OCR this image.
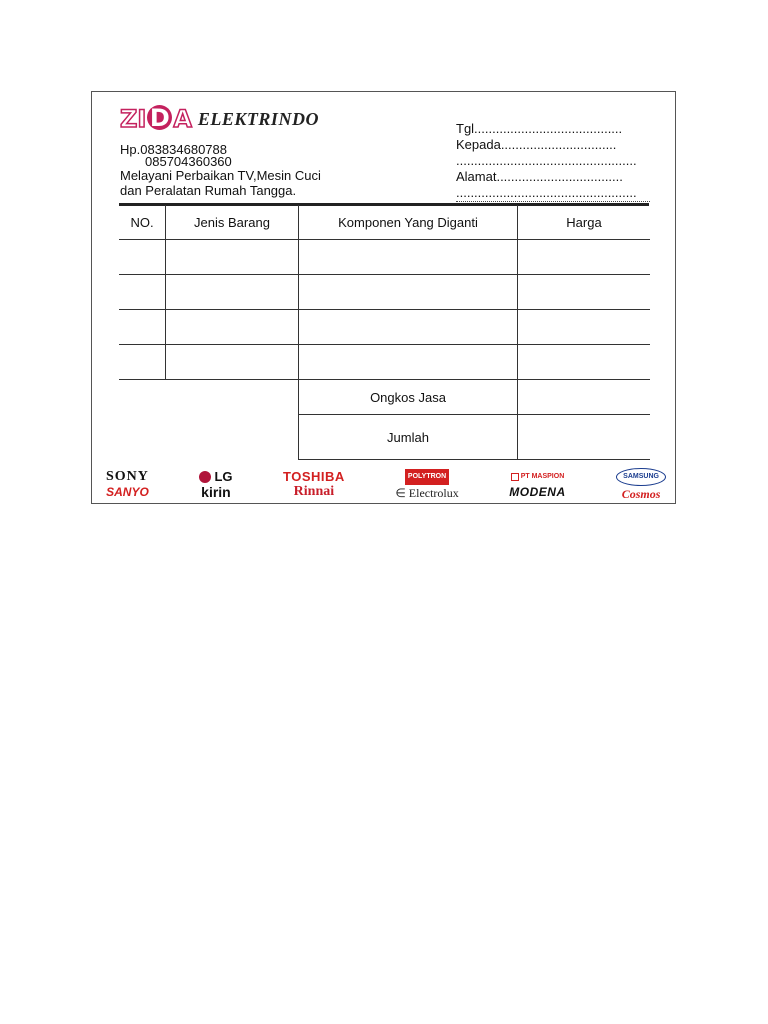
Z I D A ELEKTRINDO
Hp.083834680788
085704360360
Melayani Perbaikan TV,Mesin Cuci
dan Peralatan Rumah Tangga.
Tgl.........................................
Kepada................................
..................................................
Alamat...................................
..................................................
NO.	Jenis Barang	Komponen Yang Diganti	Harga

		Ongkos Jasa	
		Jumlah	
SONY
SANYO
LG
kirin
TOSHIBA
Rinnai
POLYTRON
∈ Electrolux
PT MASPION
MODENA
SAMSUNG
Cosmos
